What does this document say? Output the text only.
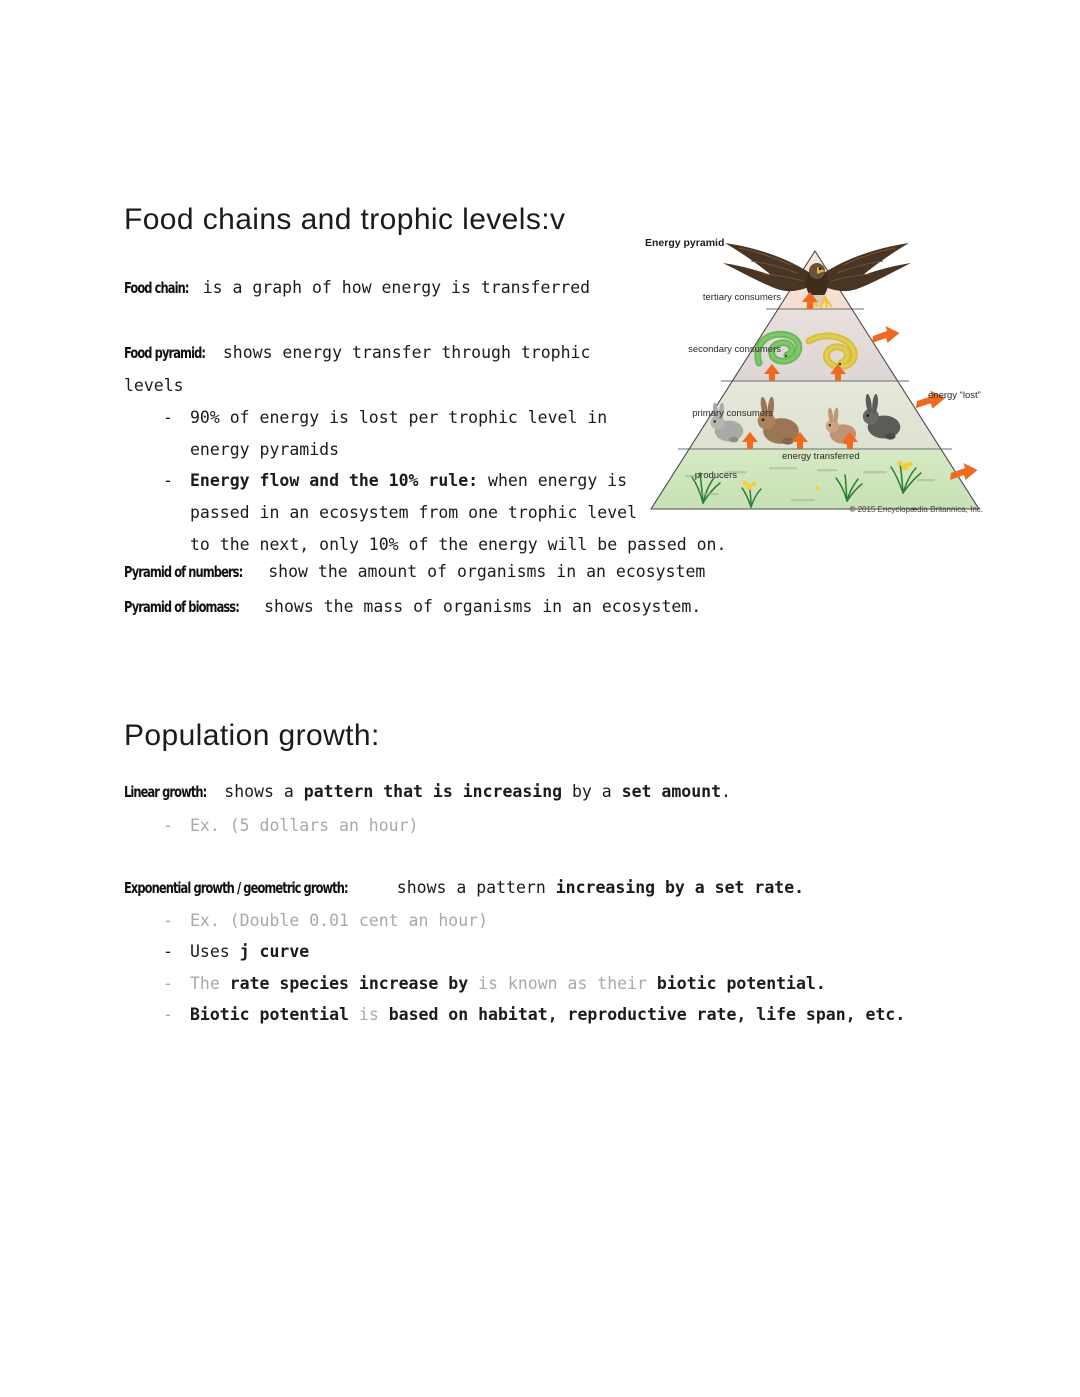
Food chains and trophic levels:v
Food chain: is a graph of how energy is transferred
Food pyramid: shows energy transfer through trophic
levels
- 90% of energy is lost per trophic level in
energy pyramids
- Energy flow and the 10% rule: when energy is
passed in an ecosystem from one trophic level
to the next, only 10% of the energy will be passed on.
Pyramid of numbers: show the amount of organisms in an ecosystem
Pyramid of biomass: shows the mass of organisms in an ecosystem.
Energy pyramid
tertiary consumers
secondary consumers
primary consumers
producers
energy “lost”
energy transferred
© 2015 Encyclopædia Britannica, Inc.
Population growth:
Linear growth: shows a pattern that is increasing by a set amount.
- Ex. (5 dollars an hour)
Exponential growth / geometric growth:	shows a pattern increasing by a set rate.
- Ex. (Double 0.01 cent an hour)
- Uses j curve
- The rate species increase by is known as their biotic potential.
- Biotic potential is based on habitat, reproductive rate, life span, etc.
